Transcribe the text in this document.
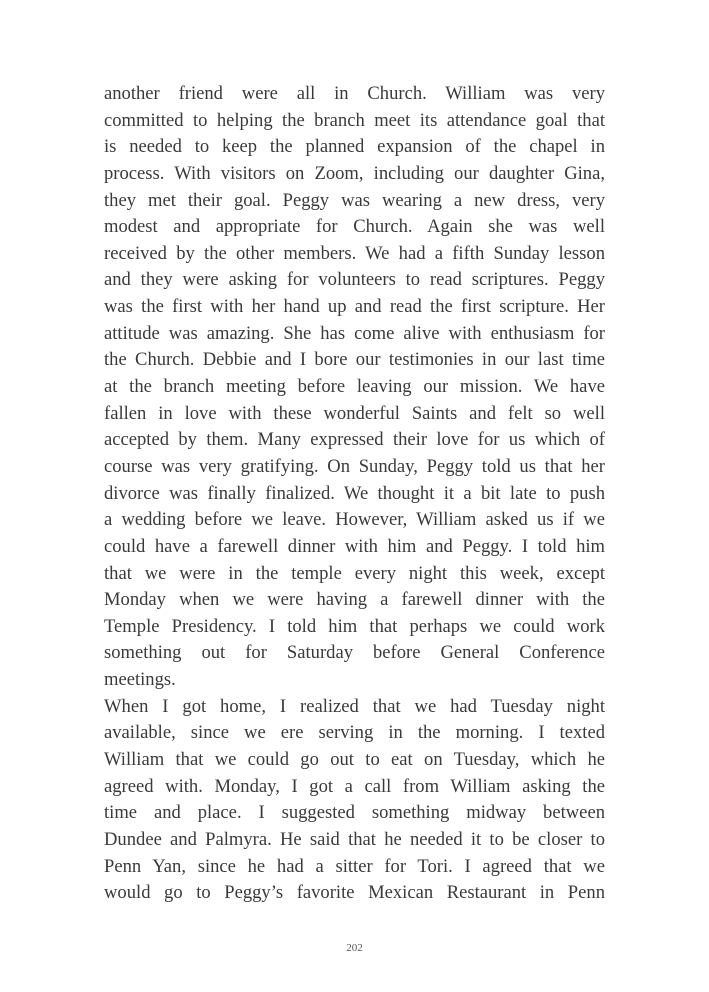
another friend were all in Church. William was very
committed to helping the branch meet its attendance goal that
is needed to keep the planned expansion of the chapel in
process. With visitors on Zoom, including our daughter Gina,
they met their goal. Peggy was wearing a new dress, very
modest and appropriate for Church. Again she was well
received by the other members. We had a fifth Sunday lesson
and they were asking for volunteers to read scriptures. Peggy
was the first with her hand up and read the first scripture. Her
attitude was amazing. She has come alive with enthusiasm for
the Church. Debbie and I bore our testimonies in our last time
at the branch meeting before leaving our mission. We have
fallen in love with these wonderful Saints and felt so well
accepted by them. Many expressed their love for us which of
course was very gratifying. On Sunday, Peggy told us that her
divorce was finally finalized. We thought it a bit late to push
a wedding before we leave. However, William asked us if we
could have a farewell dinner with him and Peggy. I told him
that we were in the temple every night this week, except
Monday when we were having a farewell dinner with the
Temple Presidency. I told him that perhaps we could work
something out for Saturday before General Conference
meetings.
When I got home, I realized that we had Tuesday night
available, since we ere serving in the morning. I texted
William that we could go out to eat on Tuesday, which he
agreed with. Monday, I got a call from William asking the
time and place. I suggested something midway between
Dundee and Palmyra. He said that he needed it to be closer to
Penn Yan, since he had a sitter for Tori. I agreed that we
would go to Peggy’s favorite Mexican Restaurant in Penn
202
